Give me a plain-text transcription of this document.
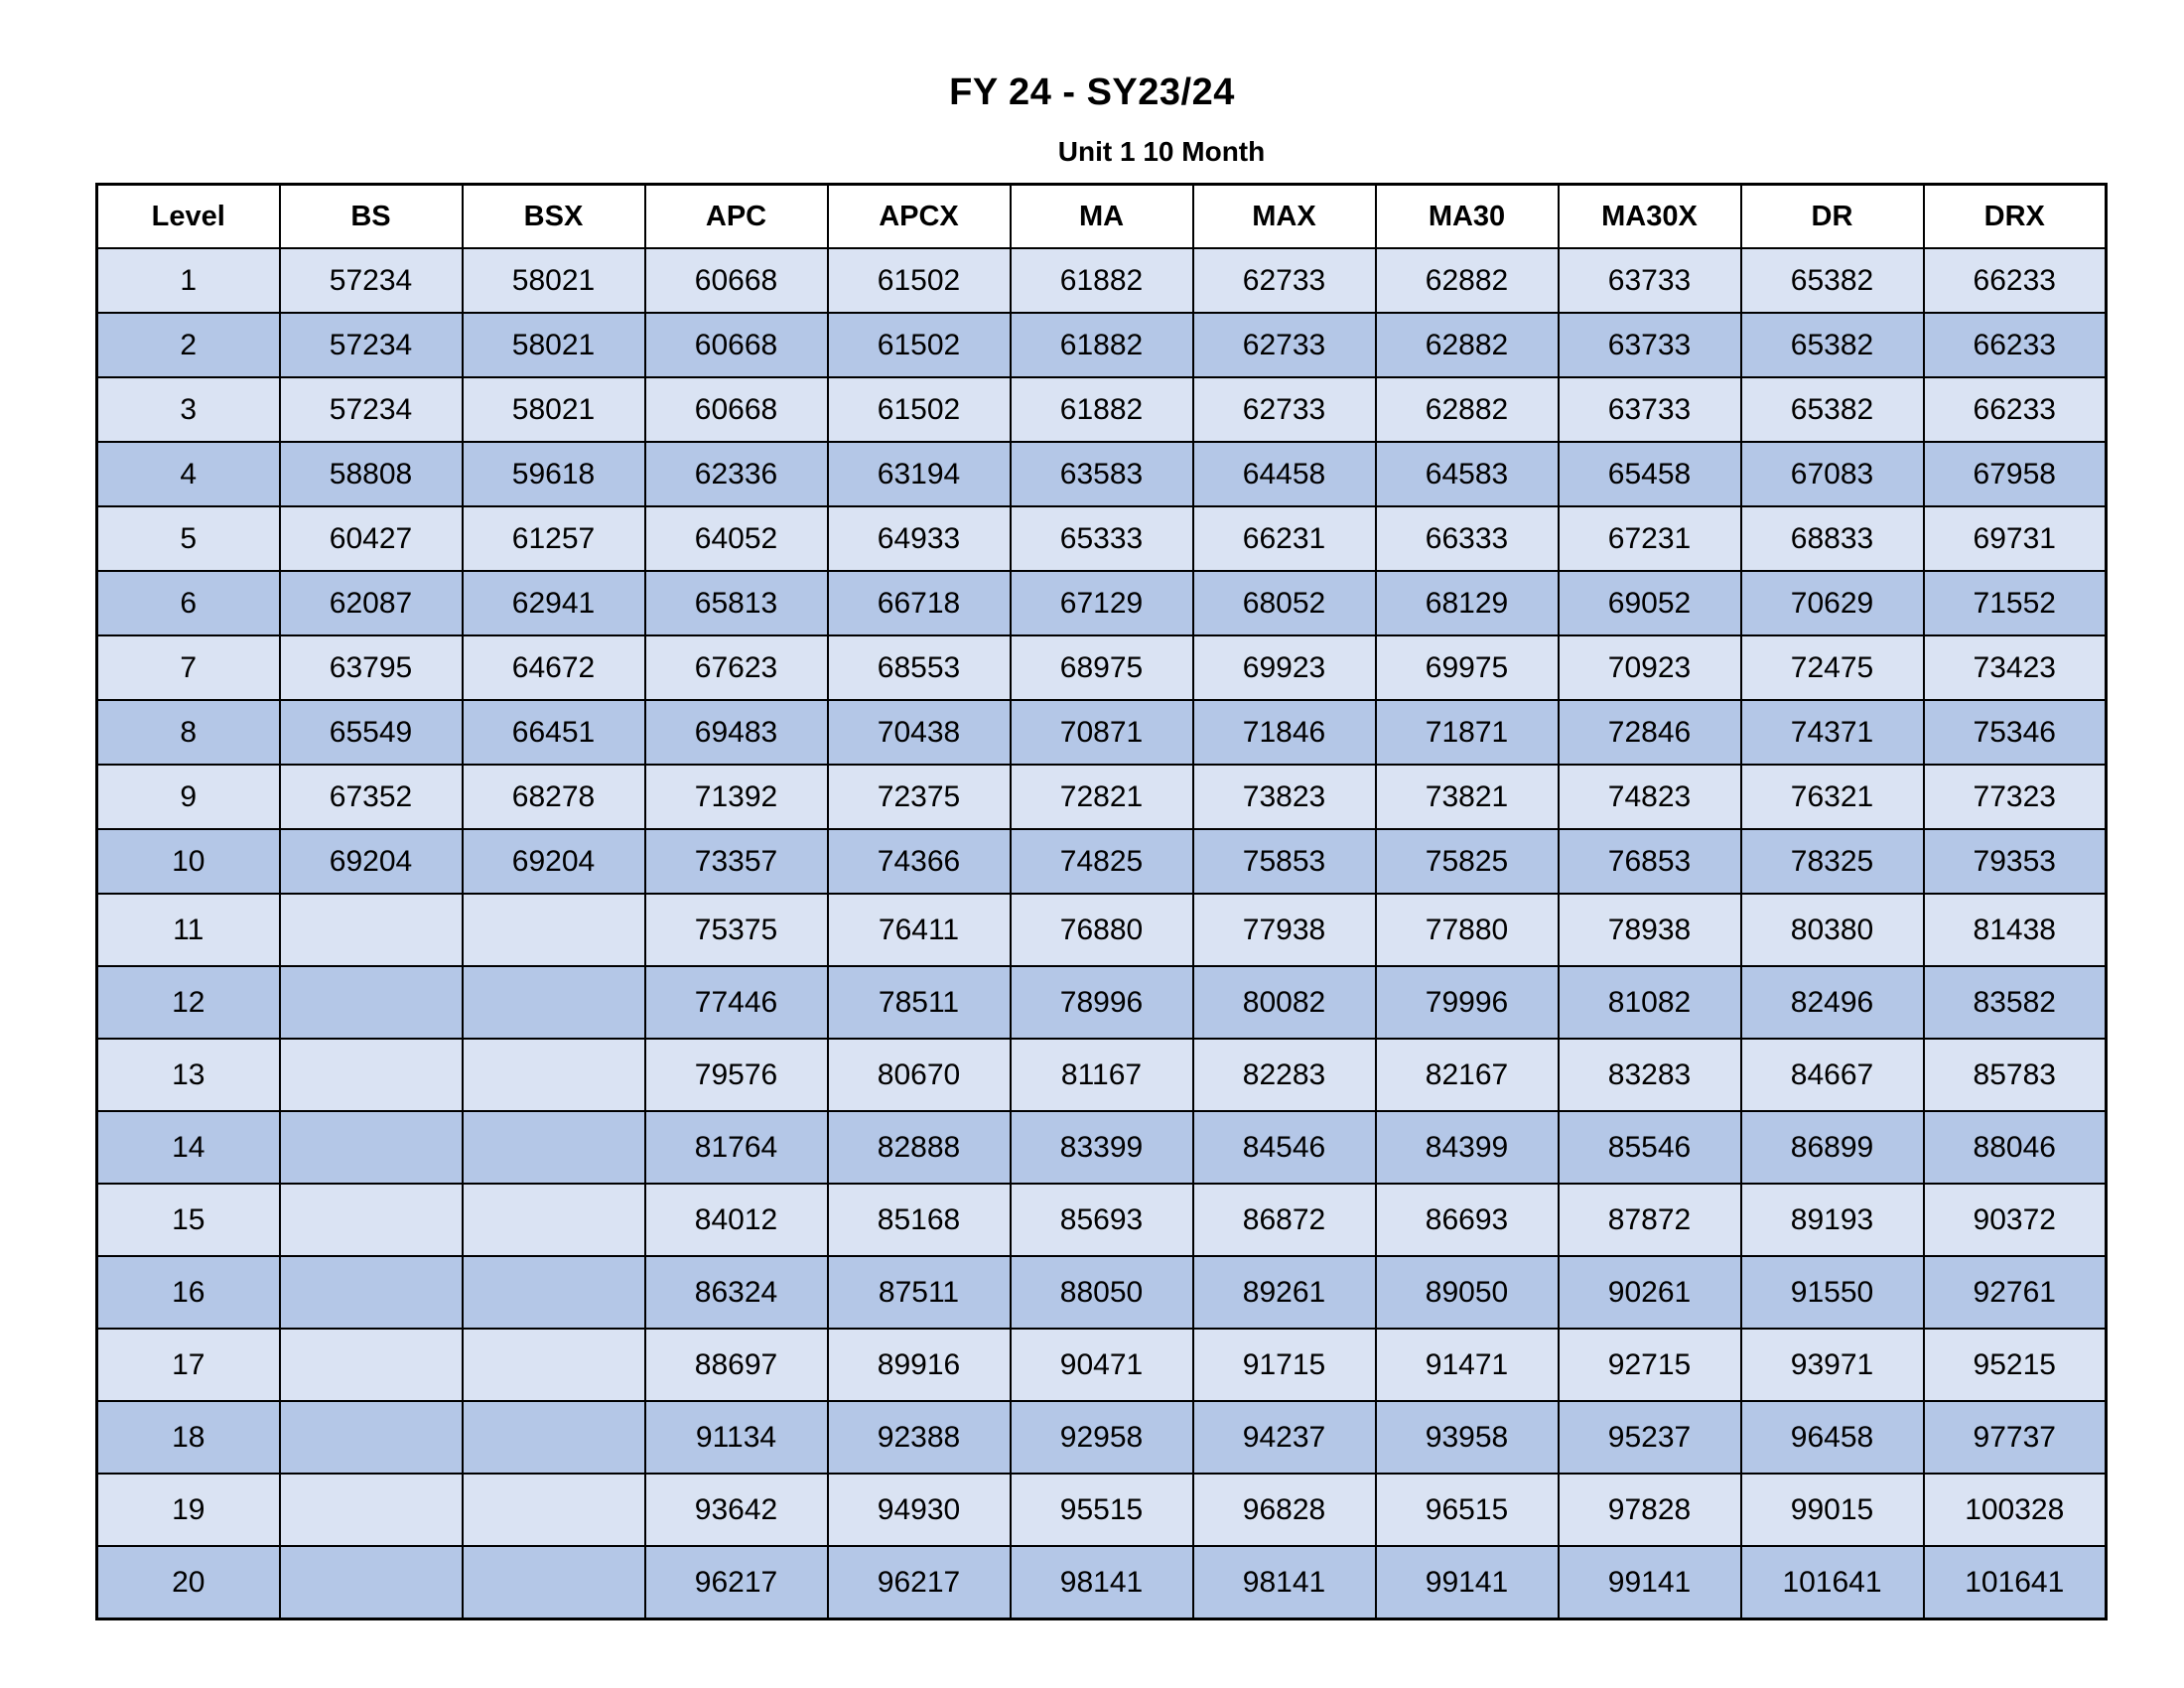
FY 24 - SY23/24
Unit 1 10 Month
Level	BS	BSX	APC	APCX	MA	MAX	MA30	MA30X	DR	DRX
1	57234	58021	60668	61502	61882	62733	62882	63733	65382	66233
2	57234	58021	60668	61502	61882	62733	62882	63733	65382	66233
3	57234	58021	60668	61502	61882	62733	62882	63733	65382	66233
4	58808	59618	62336	63194	63583	64458	64583	65458	67083	67958
5	60427	61257	64052	64933	65333	66231	66333	67231	68833	69731
6	62087	62941	65813	66718	67129	68052	68129	69052	70629	71552
7	63795	64672	67623	68553	68975	69923	69975	70923	72475	73423
8	65549	66451	69483	70438	70871	71846	71871	72846	74371	75346
9	67352	68278	71392	72375	72821	73823	73821	74823	76321	77323
10	69204	69204	73357	74366	74825	75853	75825	76853	78325	79353
11			75375	76411	76880	77938	77880	78938	80380	81438
12			77446	78511	78996	80082	79996	81082	82496	83582
13			79576	80670	81167	82283	82167	83283	84667	85783
14			81764	82888	83399	84546	84399	85546	86899	88046
15			84012	85168	85693	86872	86693	87872	89193	90372
16			86324	87511	88050	89261	89050	90261	91550	92761
17			88697	89916	90471	91715	91471	92715	93971	95215
18			91134	92388	92958	94237	93958	95237	96458	97737
19			93642	94930	95515	96828	96515	97828	99015	100328
20			96217	96217	98141	98141	99141	99141	101641	101641
